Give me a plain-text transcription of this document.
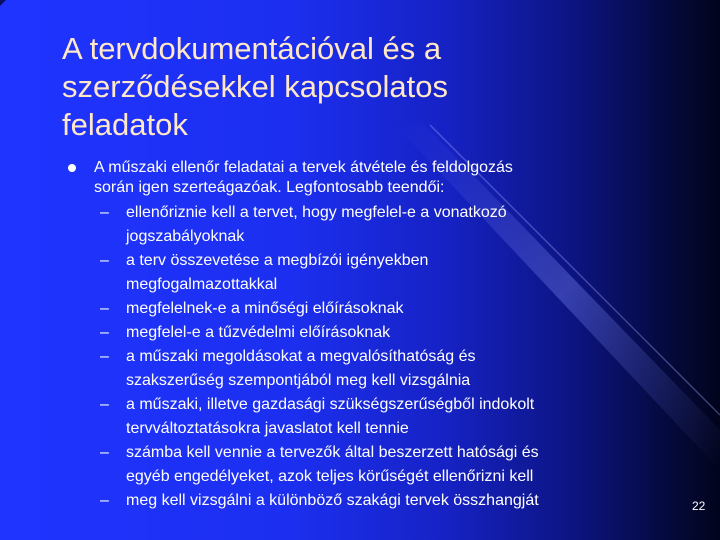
A tervdokumentációval és a
szerződésekkel kapcsolatos
feladatok
A műszaki ellenőr feladatai a tervek átvétele és feldolgozás
során igen szerteágazóak. Legfontosabb teendői:
– ellenőriznie kell a tervet, hogy megfelel-e a vonatkozó
jogszabályoknak
– a terv összevetése a megbízói igényekben
megfogalmazottakkal
– megfelelnek-e a minőségi előírásoknak
– megfelel-e a tűzvédelmi előírásoknak
– a műszaki megoldásokat a megvalósíthatóság és
szakszerűség szempontjából meg kell vizsgálnia
– a műszaki, illetve gazdasági szükségszerűségből indokolt
tervváltoztatásokra javaslatot kell tennie
– számba kell vennie a tervezők által beszerzett hatósági és
egyéb engedélyeket, azok teljes körűségét ellenőrizni kell
– meg kell vizsgálni a különböző szakági tervek összhangját	22
